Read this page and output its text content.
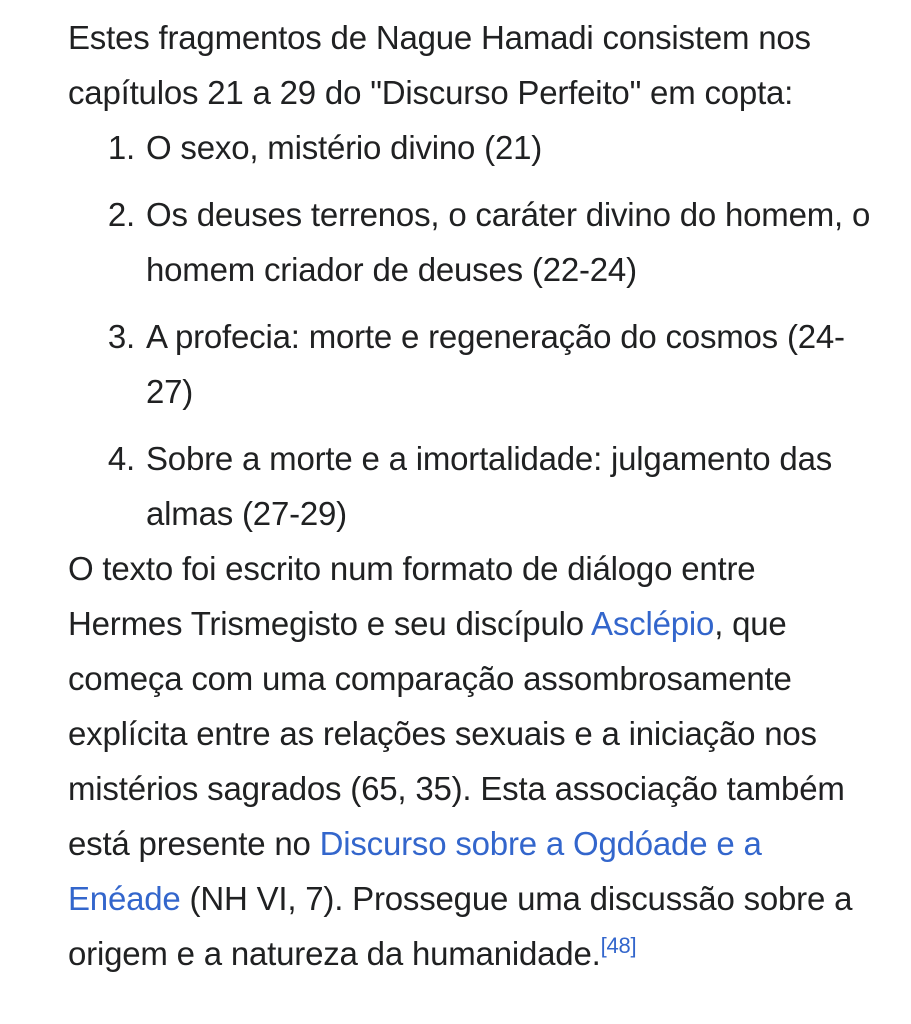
Estes fragmentos de Nague Hamadi consistem nos capítulos 21 a 29 do "Discurso Perfeito" em copta:

1. O sexo, mistério divino (21)
2. Os deuses terrenos, o caráter divino do homem, o homem criador de deuses (22-24)
3. A profecia: morte e regeneração do cosmos (24-27)
4. Sobre a morte e a imortalidade: julgamento das almas (27-29)

O texto foi escrito num formato de diálogo entre Hermes Trismegisto e seu discípulo Asclépio, que começa com uma comparação assombrosamente explícita entre as relações sexuais e a iniciação nos mistérios sagrados (65, 35). Esta associação também está presente no Discurso sobre a Ogdóade e a Enéade (NH VI, 7). Prossegue uma discussão sobre a origem e a natureza da humanidade.[48]
